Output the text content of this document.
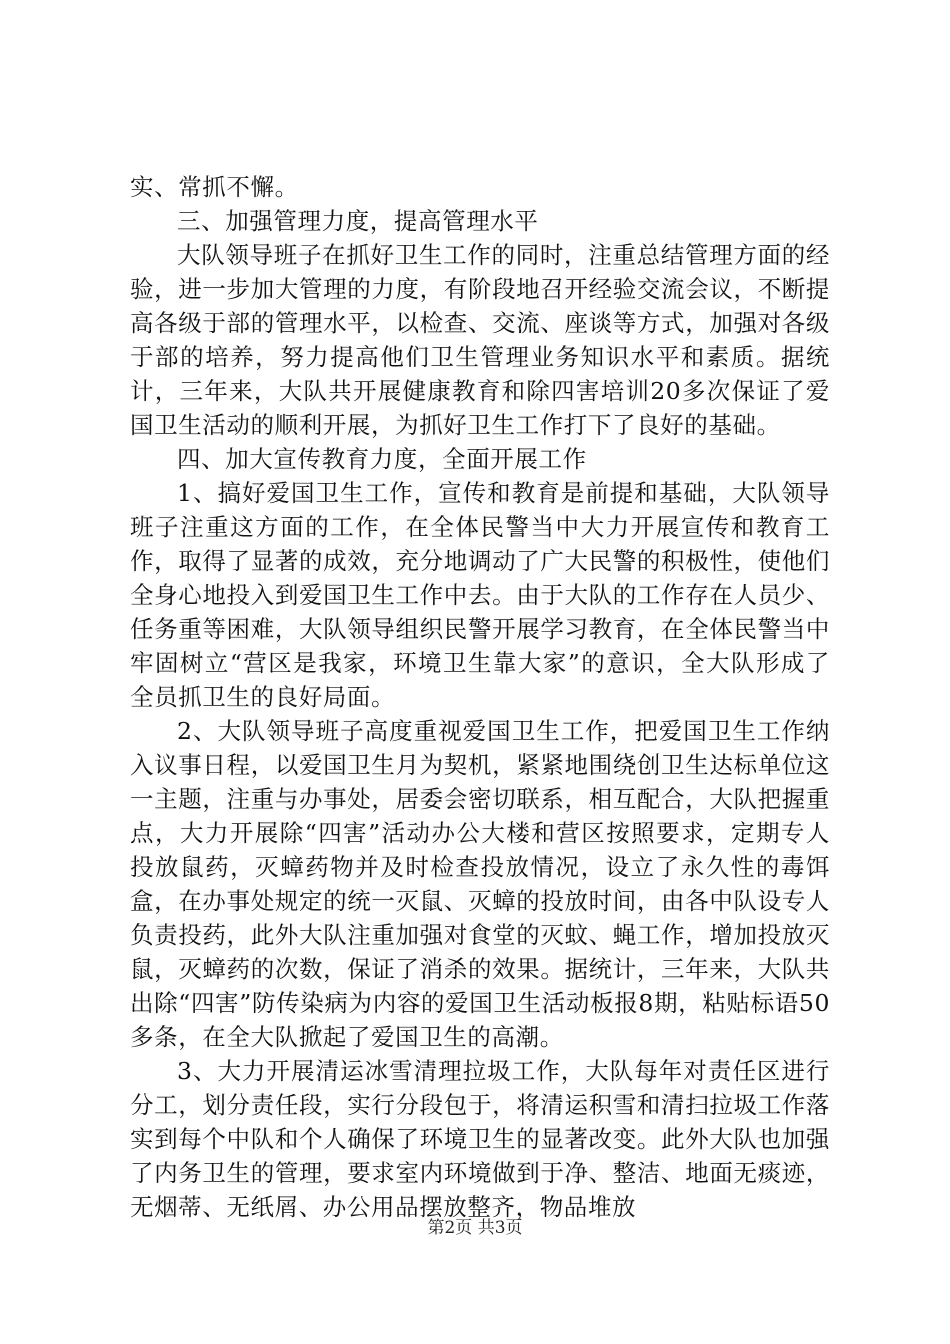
实、常抓不懈。

三、加强管理力度，提高管理水平

大队领导班子在抓好卫生工作的同时，注重总结管理方面的经验，进一步加大管理的力度，有阶段地召开经验交流会议，不断提高各级于部的管理水平，以检查、交流、座谈等方式，加强对各级于部的培养，努力提高他们卫生管理业务知识水平和素质。据统计，三年来，大队共开展健康教育和除四害培训20多次保证了爱国卫生活动的顺利开展，为抓好卫生工作打下了良好的基础。

四、加大宣传教育力度，全面开展工作

1、搞好爱国卫生工作，宣传和教育是前提和基础，大队领导班子注重这方面的工作，在全体民警当中大力开展宣传和教育工作，取得了显著的成效，充分地调动了广大民警的积极性，使他们全身心地投入到爱国卫生工作中去。由于大队的工作存在人员少、任务重等困难，大队领导组织民警开展学习教育，在全体民警当中牢固树立“营区是我家，环境卫生靠大家”的意识，全大队形成了全员抓卫生的良好局面。

2、大队领导班子高度重视爱国卫生工作，把爱国卫生工作纳入议事日程，以爱国卫生月为契机，紧紧地围绕创卫生达标单位这一主题，注重与办事处，居委会密切联系，相互配合，大队把握重点，大力开展除“四害”活动办公大楼和营区按照要求，定期专人投放鼠药，灭蟑药物并及时检查投放情况，设立了永久性的毒饵盒，在办事处规定的统一灭鼠、灭蟑的投放时间，由各中队设专人负责投药，此外大队注重加强对食堂的灭蚊、蝇工作，增加投放灭鼠，灭蟑药的次数，保证了消杀的效果。据统计，三年来，大队共出除“四害”防传染病为内容的爱国卫生活动板报8期，粘贴标语50多条，在全大队掀起了爱国卫生的高潮。

3、大力开展清运冰雪清理拉圾工作，大队每年对责任区进行分工，划分责任段，实行分段包于，将清运积雪和清扫拉圾工作落实到每个中队和个人确保了环境卫生的显著改变。此外大队也加强了内务卫生的管理，要求室内环境做到于净、整洁、地面无痰迹，无烟蒂、无纸屑、办公用品摆放整齐，物品堆放

第2页 共3页
